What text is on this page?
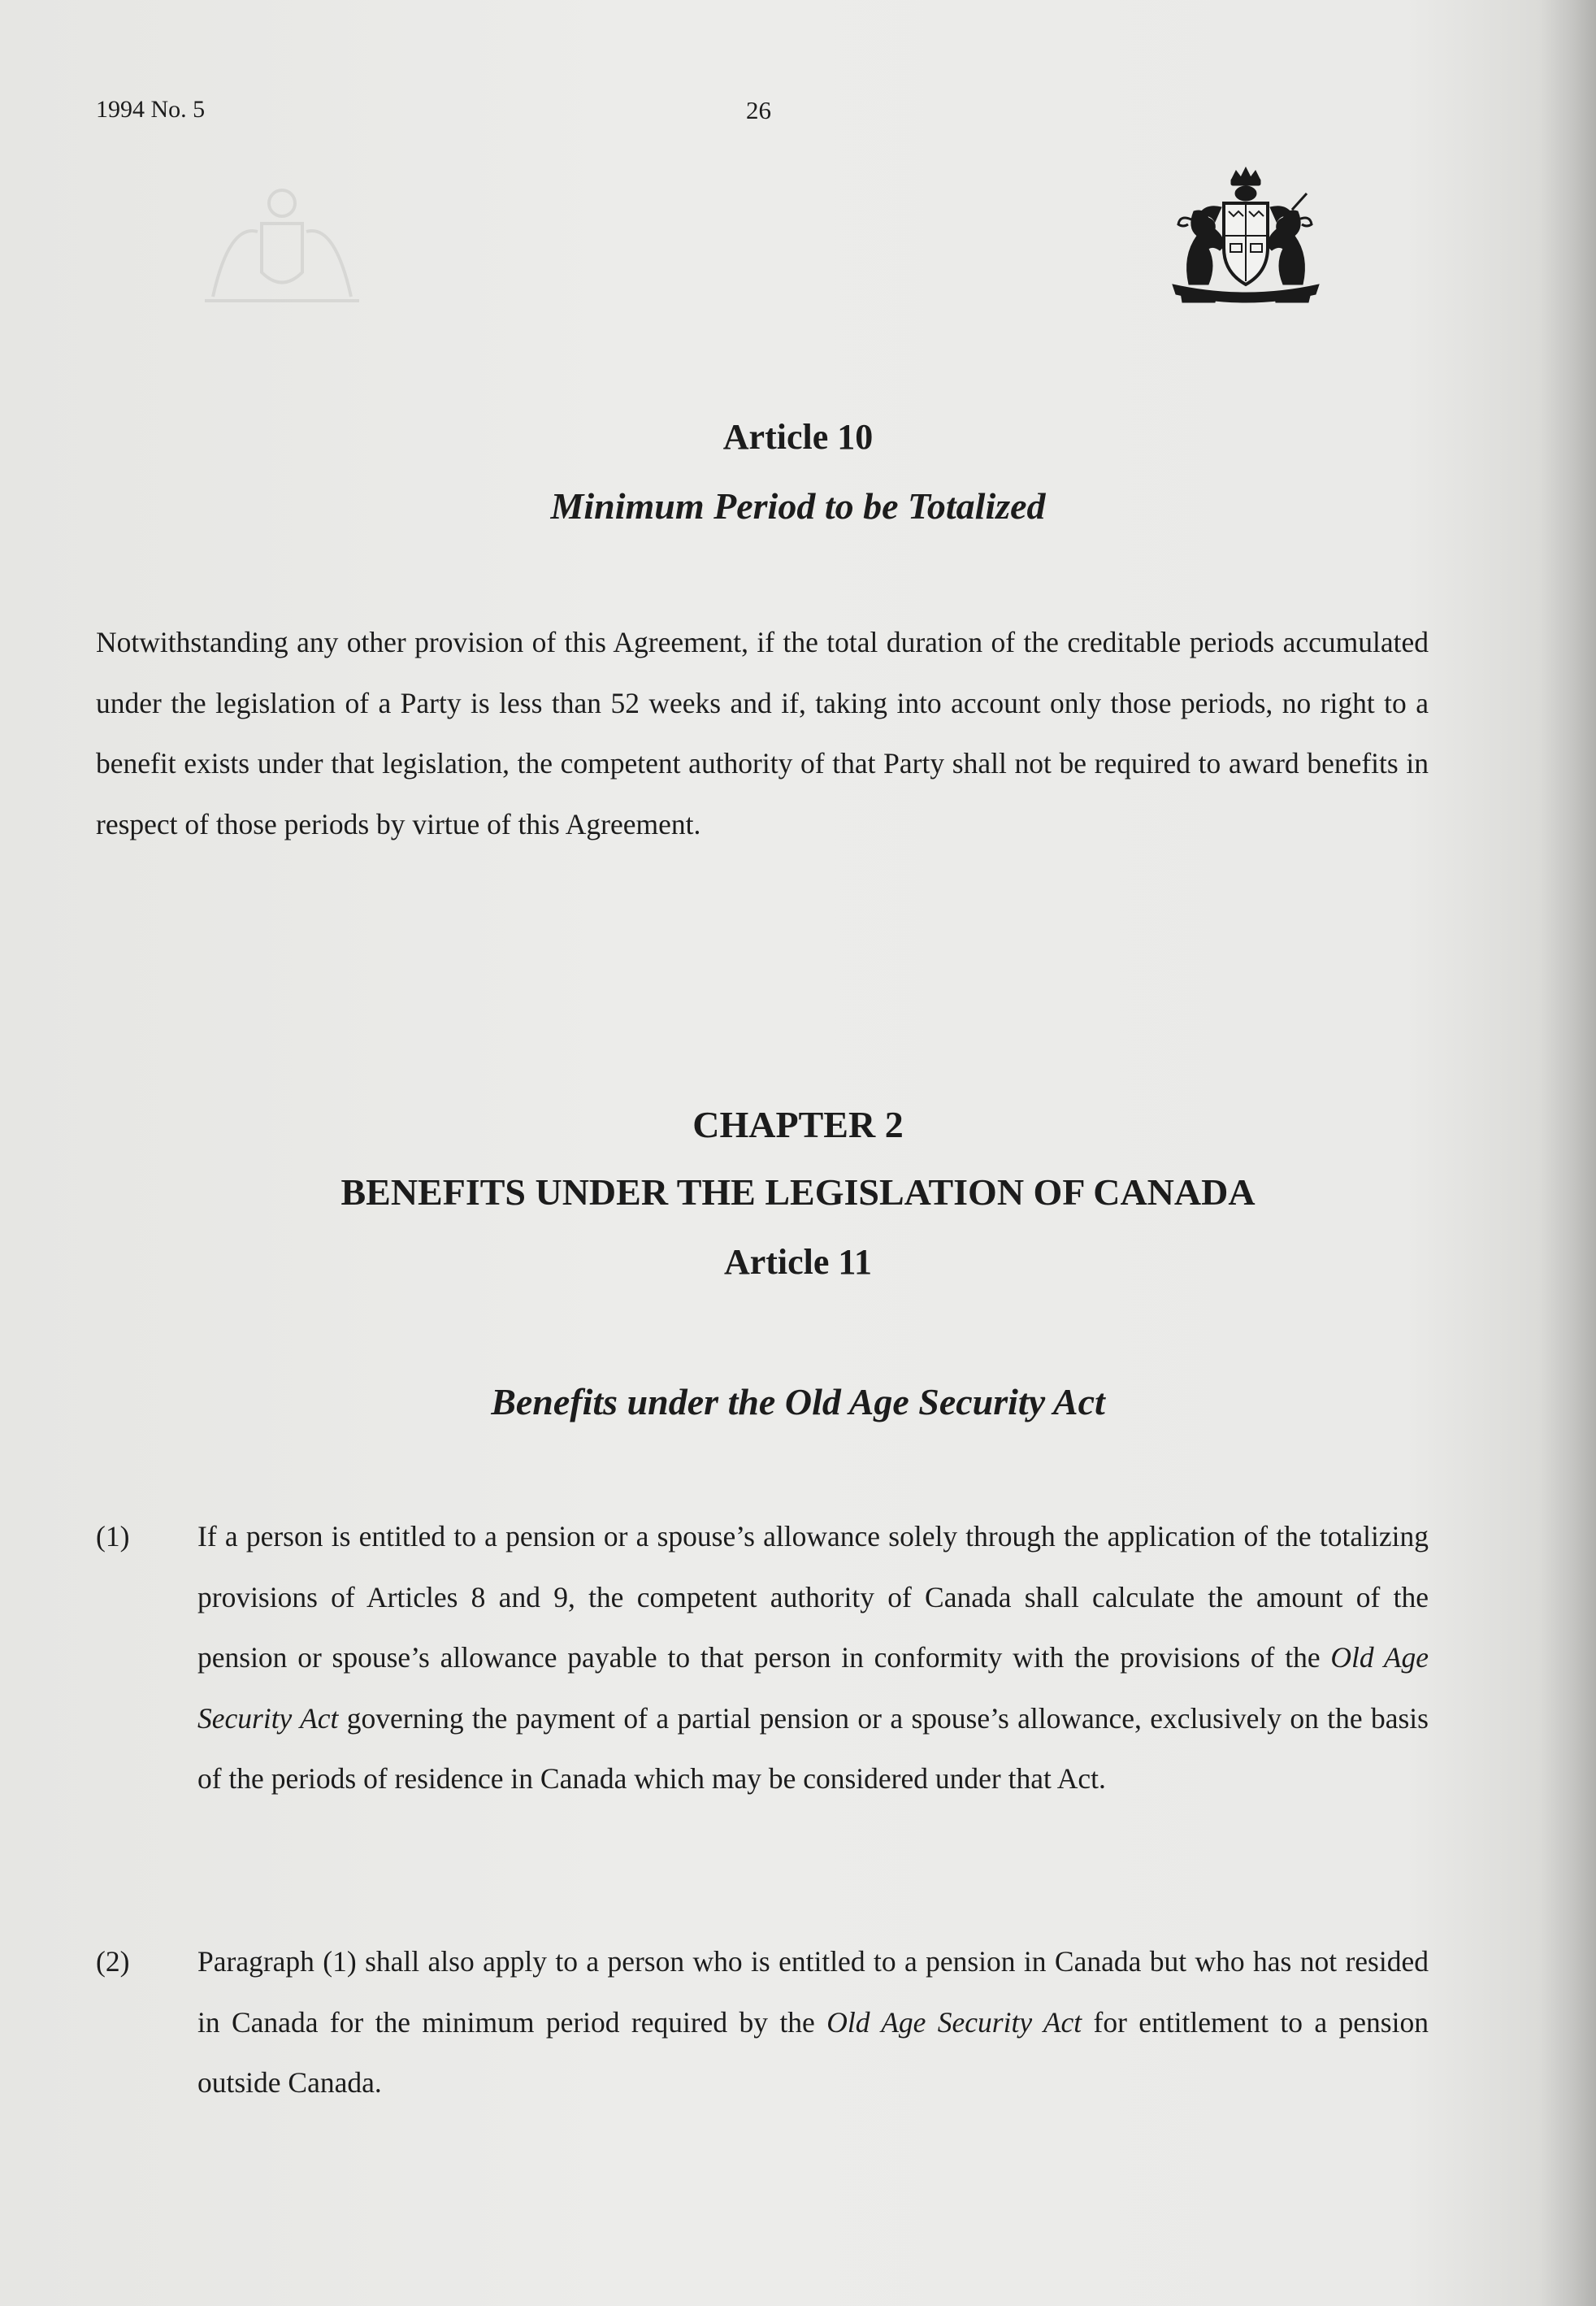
1994 No. 5	26
Article 10
Minimum Period to be Totalized
Notwithstanding any other provision of this Agreement, if the total duration of the creditable periods accumulated under the legislation of a Party is less than 52 weeks and if, taking into account only those periods, no right to a benefit exists under that legislation, the competent authority of that Party shall not be required to award benefits in respect of those periods by virtue of this Agreement.
CHAPTER 2
BENEFITS UNDER THE LEGISLATION OF CANADA
Article 11
Benefits under the Old Age Security Act
(1) If a person is entitled to a pension or a spouse’s allowance solely through the application of the totalizing provisions of Articles 8 and 9, the competent authority of Canada shall calculate the amount of the pension or spouse’s allowance payable to that person in conformity with the provisions of the Old Age Security Act governing the payment of a partial pension or a spouse’s allowance, exclusively on the basis of the periods of residence in Canada which may be considered under that Act.
(2) Paragraph (1) shall also apply to a person who is entitled to a pension in Canada but who has not resided in Canada for the minimum period required by the Old Age Security Act for entitlement to a pension outside Canada.
